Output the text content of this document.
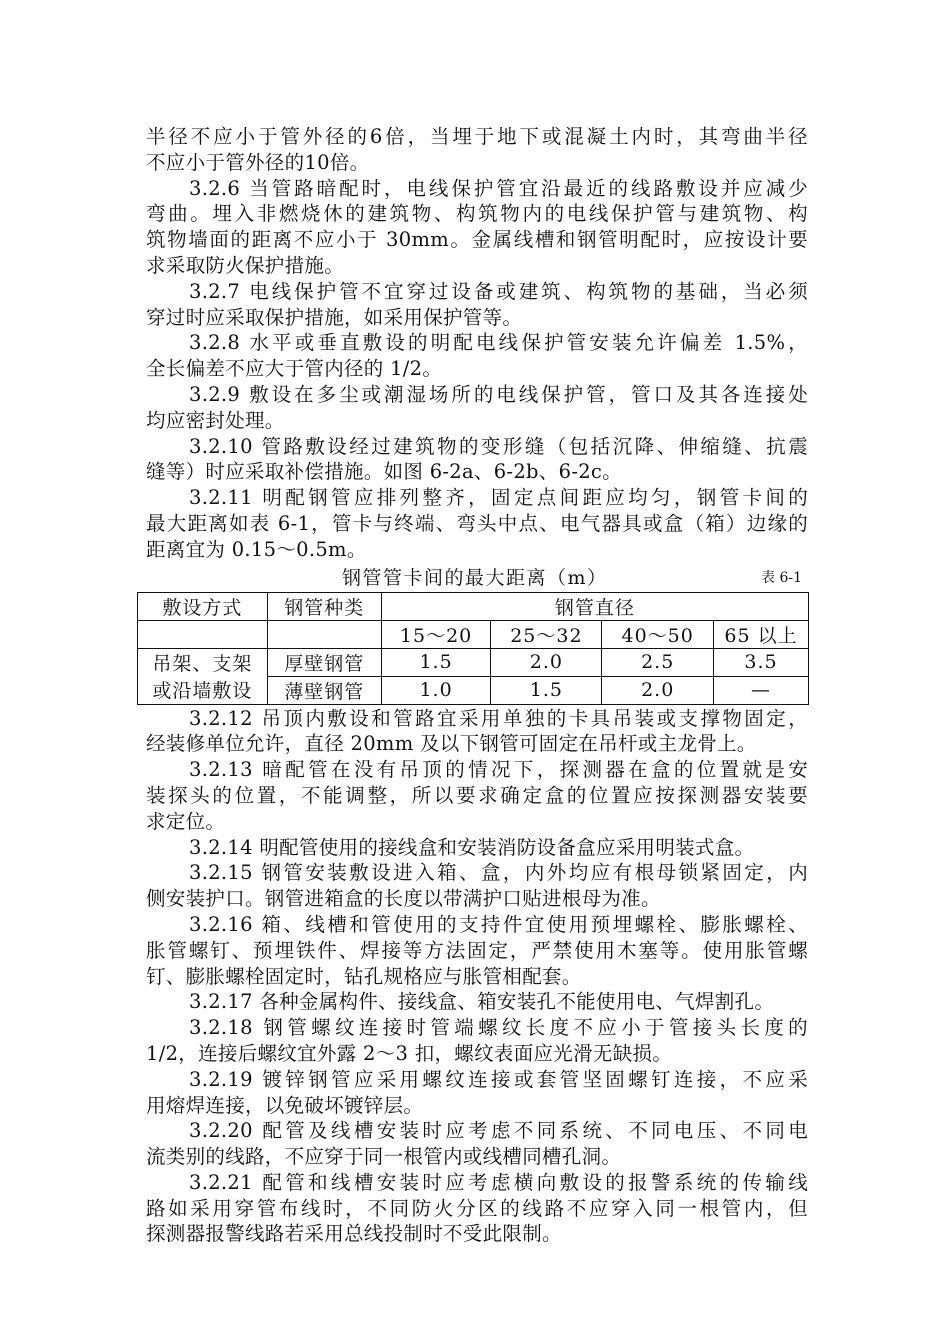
半径不应小于管外径的6倍，当埋于地下或混凝土内时，其弯曲半径
不应小于管外径的10倍。
3.2.6 当管路暗配时，电线保护管宜沿最近的线路敷设并应减少
弯曲。埋入非燃烧休的建筑物、构筑物内的电线保护管与建筑物、构
筑物墙面的距离不应小于 30mm。金属线槽和钢管明配时，应按设计要
求采取防火保护措施。
3.2.7 电线保护管不宜穿过设备或建筑、构筑物的基础，当必须
穿过时应采取保护措施，如采用保护管等。
3.2.8 水平或垂直敷设的明配电线保护管安装允许偏差 1.5%，
全长偏差不应大于管内径的 1/2。
3.2.9 敷设在多尘或潮湿场所的电线保护管，管口及其各连接处
均应密封处理。
3.2.10 管路敷设经过建筑物的变形缝（包括沉降、伸缩缝、抗震
缝等）时应采取补偿措施。如图 6-2a、6-2b、6-2c。
3.2.11 明配钢管应排列整齐，固定点间距应均匀，钢管卡间的
最大距离如表 6-1，管卡与终端、弯头中点、电气器具或盒（箱）边缘的
距离宜为 0.15～0.5m。
钢管管卡间的最大距离（m）	表 6-1
敷设方式	钢管种类	钢管直径			
		15～20	25～32	40～50	65 以上
吊架、支架	厚壁钢管	1.5	2.0	2.5	3.5
或沿墙敷设	薄壁钢管	1.0	1.5	2.0	—
3.2.12 吊顶内敷设和管路宜采用单独的卡具吊装或支撑物固定，
经装修单位允许，直径 20mm 及以下钢管可固定在吊杆或主龙骨上。
3.2.13 暗配管在没有吊顶的情况下，探测器在盒的位置就是安
装探头的位置，不能调整，所以要求确定盒的位置应按探测器安装要
求定位。
3.2.14 明配管使用的接线盒和安装消防设备盒应采用明装式盒。
3.2.15 钢管安装敷设进入箱、盒，内外均应有根母锁紧固定，内
侧安装护口。钢管进箱盒的长度以带满护口贴进根母为准。
3.2.16 箱、线槽和管使用的支持件宜使用预埋螺栓、膨胀螺栓、
胀管螺钉、预埋铁件、焊接等方法固定，严禁使用木塞等。使用胀管螺
钉、膨胀螺栓固定时，钻孔规格应与胀管相配套。
3.2.17 各种金属构件、接线盒、箱安装孔不能使用电、气焊割孔。
3.2.18 钢管螺纹连接时管端螺纹长度不应小于管接头长度的
1/2，连接后螺纹宜外露 2～3 扣，螺纹表面应光滑无缺损。
3.2.19 镀锌钢管应采用螺纹连接或套管坚固螺钉连接，不应采
用熔焊连接，以免破坏镀锌层。
3.2.20 配管及线槽安装时应考虑不同系统、不同电压、不同电
流类别的线路，不应穿于同一根管内或线槽同槽孔洞。
3.2.21 配管和线槽安装时应考虑横向敷设的报警系统的传输线
路如采用穿管布线时，不同防火分区的线路不应穿入同一根管内，但
探测器报警线路若采用总线投制时不受此限制。
